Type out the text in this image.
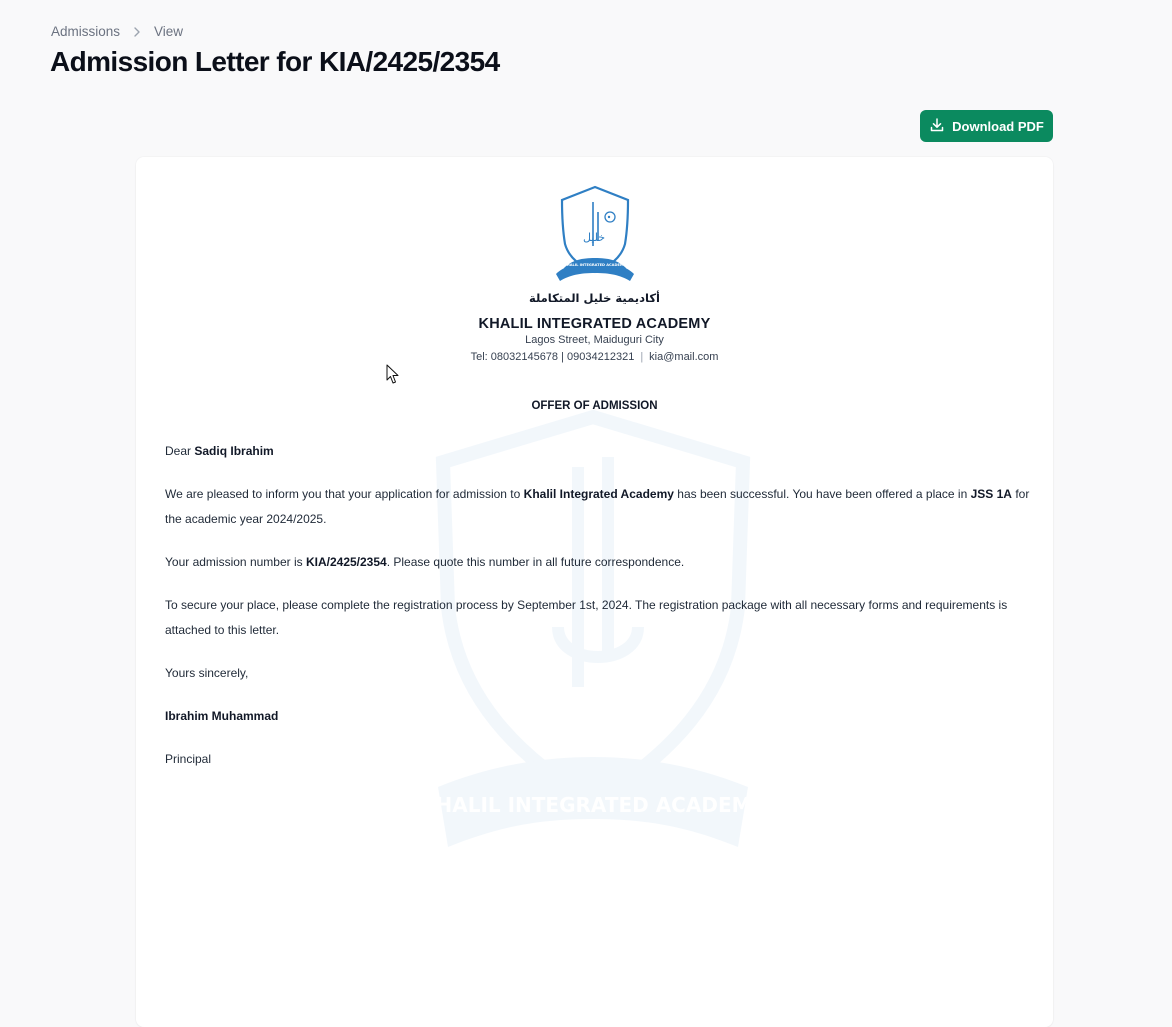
Admissions	View
Admission Letter for KIA/2425/2354
Download PDF
KHALIL INTEGRATED ACADEMY
خليل
KHALIL INTEGRATED ACADEMY
أكاديمية خليل المتكاملة
KHALIL INTEGRATED ACADEMY
Lagos Street, Maiduguri City
Tel: 08032145678 | 09034212321 | kia@mail.com
OFFER OF ADMISSION

Dear Sadiq Ibrahim

We are pleased to inform you that your application for admission to Khalil Integrated Academy has been successful. You have been offered a place in JSS 1A for the academic year 2024/2025.

Your admission number is KIA/2425/2354. Please quote this number in all future correspondence.

To secure your place, please complete the registration process by September 1st, 2024. The registration package with all necessary forms and requirements is attached to this letter.

Yours sincerely,

Ibrahim Muhammad

Principal
